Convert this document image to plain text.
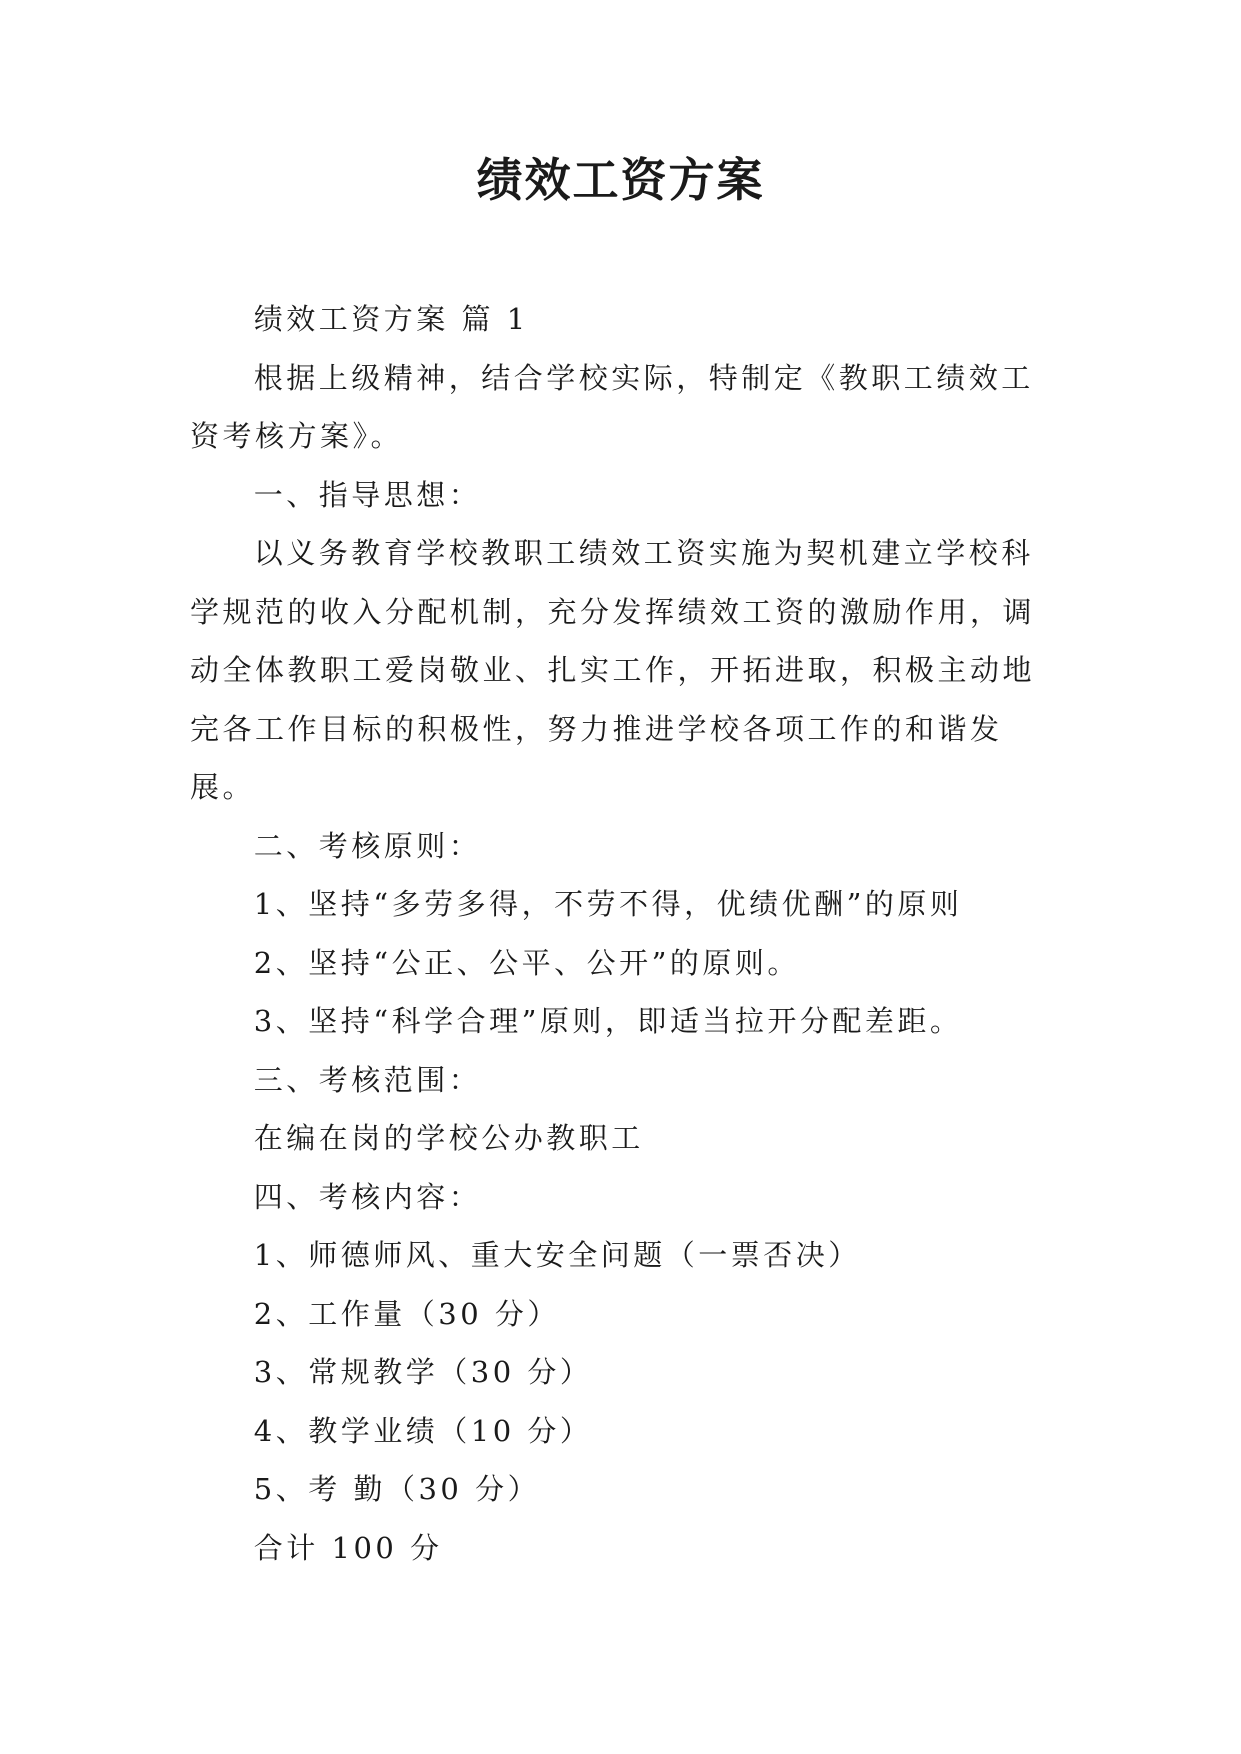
绩效工资方案

绩效工资方案 篇 1

根据上级精神，结合学校实际，特制定《教职工绩效工资考核方案》。

一、指导思想：

以义务教育学校教职工绩效工资实施为契机建立学校科学规范的收入分配机制，充分发挥绩效工资的激励作用，调动全体教职工爱岗敬业、扎实工作，开拓进取，积极主动地完各工作目标的积极性，努力推进学校各项工作的和谐发展。

二、考核原则：

1、坚持“多劳多得，不劳不得，优绩优酬”的原则

2、坚持“公正、公平、公开”的原则。

3、坚持“科学合理”原则，即适当拉开分配差距。

三、考核范围：

在编在岗的学校公办教职工

四、考核内容：

1、师德师风、重大安全问题（一票否决）

2、工作量（30 分）

3、常规教学（30 分）

4、教学业绩（10 分）

5、考 勤（30 分）

合计 100 分
